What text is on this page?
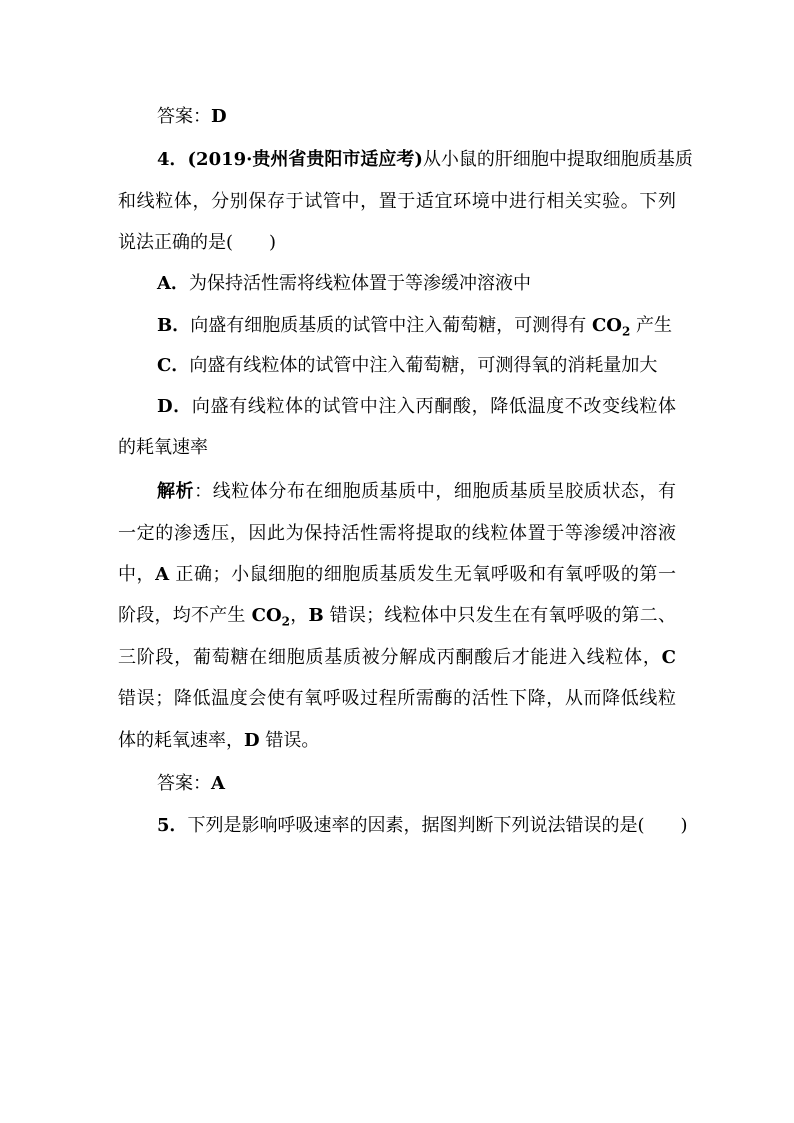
答案：D
4．(2019·贵州省贵阳市适应考)从小鼠的肝细胞中提取细胞质基质
和线粒体，分别保存于试管中，置于适宜环境中进行相关实验。下列
说法正确的是(　　)
A．为保持活性需将线粒体置于等渗缓冲溶液中
B．向盛有细胞质基质的试管中注入葡萄糖，可测得有 $CO_2$ 产生
C．向盛有线粒体的试管中注入葡萄糖，可测得氧的消耗量加大
D．向盛有线粒体的试管中注入丙酮酸，降低温度不改变线粒体
的耗氧速率
解析：线粒体分布在细胞质基质中，细胞质基质呈胶质状态，有
一定的渗透压，因此为保持活性需将提取的线粒体置于等渗缓冲溶液
中，A 正确；小鼠细胞的细胞质基质发生无氧呼吸和有氧呼吸的第一
阶段，均不产生 $CO_2$，B 错误；线粒体中只发生在有氧呼吸的第二、
三阶段，葡萄糖在细胞质基质被分解成丙酮酸后才能进入线粒体，C
错误；降低温度会使有氧呼吸过程所需酶的活性下降，从而降低线粒
体的耗氧速率，D 错误。
答案：A
5．下列是影响呼吸速率的因素，据图判断下列说法错误的是(　　)
